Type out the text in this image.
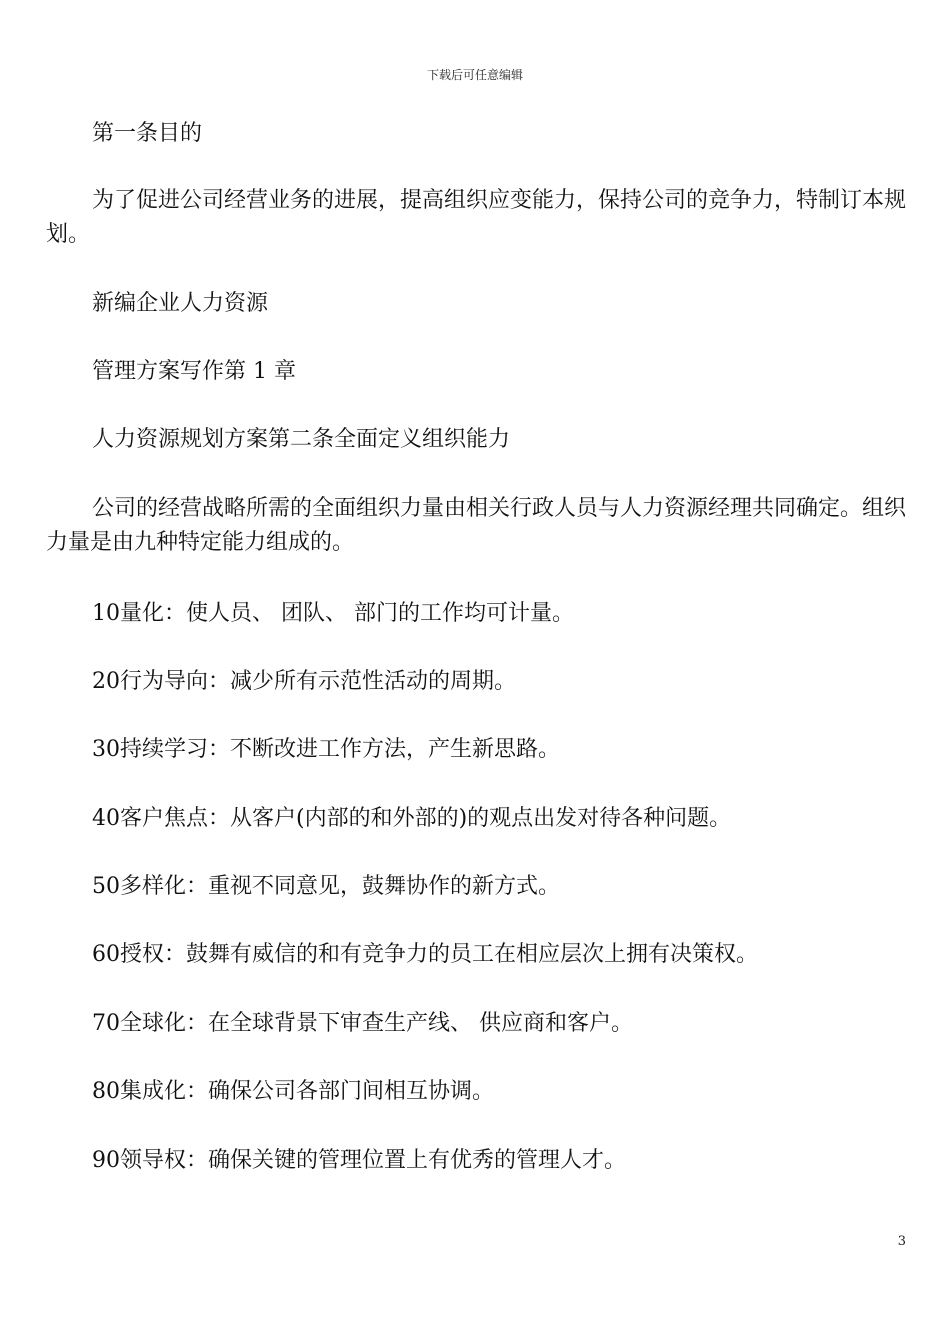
下载后可任意编辑

第一条目的

为了促进公司经营业务的进展，提高组织应变能力，保持公司的竞争力，特制订本规划。

新编企业人力资源

管理方案写作第 1 章

人力资源规划方案第二条全面定义组织能力

公司的经营战略所需的全面组织力量由相关行政人员与人力资源经理共同确定。组织力量是由九种特定能力组成的。

10量化：使人员、 团队、 部门的工作均可计量。

20行为导向：减少所有示范性活动的周期。

30持续学习：不断改进工作方法，产生新思路。

40客户焦点：从客户(内部的和外部的)的观点出发对待各种问题。

50多样化：重视不同意见，鼓舞协作的新方式。

60授权：鼓舞有威信的和有竞争力的员工在相应层次上拥有决策权。

70全球化：在全球背景下审查生产线、 供应商和客户。

80集成化：确保公司各部门间相互协调。

90领导权：确保关键的管理位置上有优秀的管理人才。

3
